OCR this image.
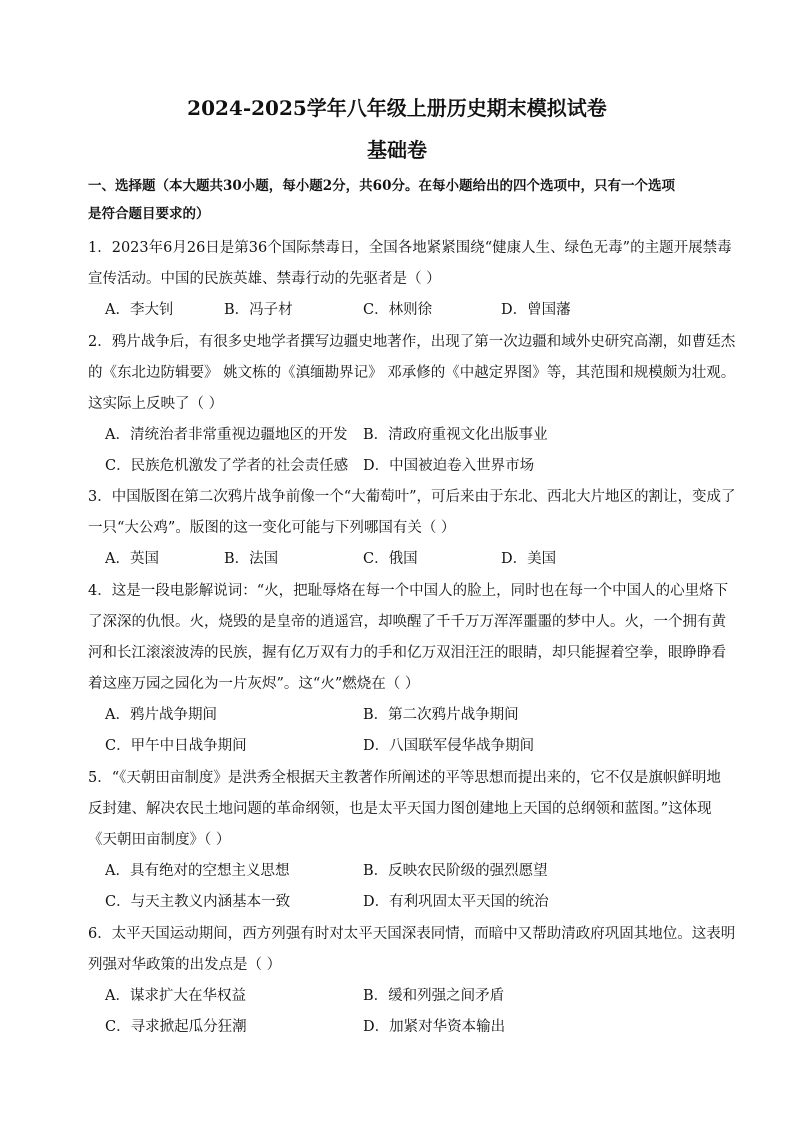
2024-2025学年八年级上册历史期末模拟试卷
基础卷
一、选择题（本大题共30小题，每小题2分，共60分。在每小题给出的四个选项中，只有一个选项
是符合题目要求的）
1．2023年6月26日是第36个国际禁毒日，全国各地紧紧围绕“健康人生、绿色无毒”的主题开展禁毒
宣传活动。中国的民族英雄、禁毒行动的先驱者是（ ）
A．李大钊	B．冯子材	C．林则徐	D．曾国藩
2．鸦片战争后，有很多史地学者撰写边疆史地著作，出现了第一次边疆和域外史研究高潮，如曹廷杰
的《东北边防辑要》 姚文栋的《滇缅勘界记》 邓承修的《中越定界图》等，其范围和规模颇为壮观。
这实际上反映了（ ）
A．清统治者非常重视边疆地区的开发 B．清政府重视文化出版事业
C．民族危机激发了学者的社会责任感 D．中国被迫卷入世界市场
3．中国版图在第二次鸦片战争前像一个“大葡萄叶”，可后来由于东北、西北大片地区的割让，变成了
一只“大公鸡”。版图的这一变化可能与下列哪国有关（ ）
A．英国	B．法国	C．俄国	D．美国
4．这是一段电影解说词：“火，把耻辱烙在每一个中国人的脸上，同时也在每一个中国人的心里烙下
了深深的仇恨。火，烧毁的是皇帝的逍遥宫，却唤醒了千千万万浑浑噩噩的梦中人。火，一个拥有黄
河和长江滚滚波涛的民族，握有亿万双有力的手和亿万双泪汪汪的眼睛，却只能握着空拳，眼睁睁看
着这座万园之园化为一片灰烬”。这“火”燃烧在（ ）
A．鸦片战争期间	B．第二次鸦片战争期间
C．甲午中日战争期间	D．八国联军侵华战争期间
5．“《天朝田亩制度》是洪秀全根据天主教著作所阐述的平等思想而提出来的，它不仅是旗帜鲜明地
反封建、解决农民土地问题的革命纲领，也是太平天国力图创建地上天国的总纲领和蓝图。”这体现
《天朝田亩制度》（ ）
A．具有绝对的空想主义思想	B．反映农民阶级的强烈愿望
C．与天主教义内涵基本一致	D．有利巩固太平天国的统治
6．太平天国运动期间，西方列强有时对太平天国深表同情，而暗中又帮助清政府巩固其地位。这表明
列强对华政策的出发点是（ ）
A．谋求扩大在华权益	B．缓和列强之间矛盾
C．寻求掀起瓜分狂潮	D．加紧对华资本输出
